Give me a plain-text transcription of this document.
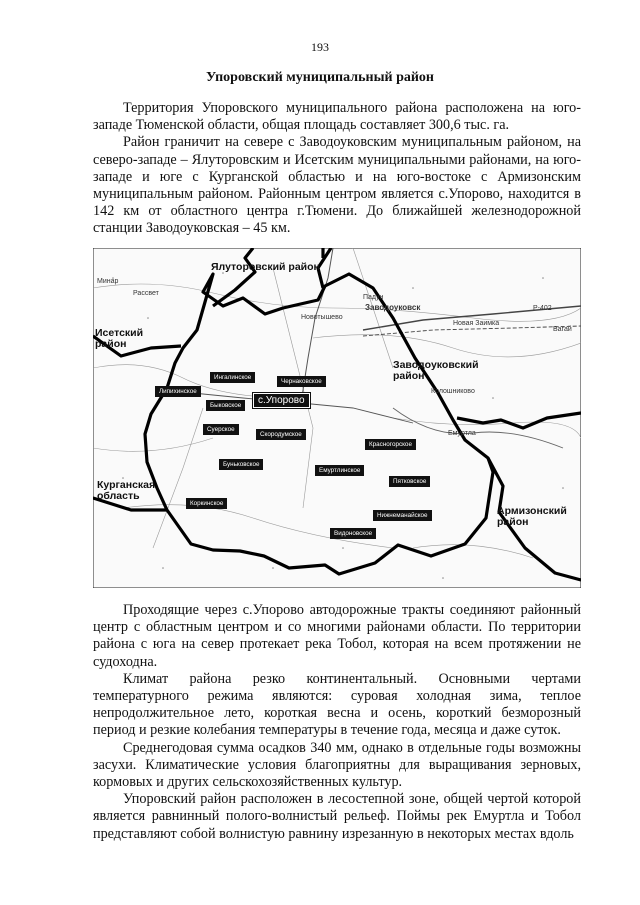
193
Упоровский муниципальный район

Территория Упоровского муниципального района расположена на юго-западе Тюменской области, общая площадь составляет 300,6 тыс. га.

Район граничит на севере с Заводоуковским муниципальным районом, на северо-западе – Ялуторовским и Исетским муниципальными районами, на юго-западе и юге с Курганской областью и на юго-востоке с Армизонским муниципальным районом. Районным центром является с.Упорово, находится в 142 км от областного центра г.Тюмени. До ближайшей железнодорожной станции Заводоуковская – 45 км.

Ялуторовский район
Исетский район
Заводоуковский район
Курганская область
Армизонский район
Заводоуковск
Падун
Новая Заимка
Новотышево
Колошниково
Рассвет
Минар
Емуртла
Р-402
Вагай
Ингалинское
Чернаковское
Липихинское
Быковское	с.Упорово
Суерское
Скородумское
Красногорское
Буньковское
Емуртлинское
Пятковское
Коркинское
Нижнеманайское
Видоновское

Проходящие через с.Упорово автодорожные тракты соединяют районный центр с областным центром и со многими районами области. По территории района с юга на север протекает река Тобол, которая на всем протяжении не судоходна.

Климат района резко континентальный. Основными чертами температурного режима являются: суровая холодная зима, теплое непродолжительное лето, короткая весна и осень, короткий безморозный период и резкие колебания температуры в течение года, месяца и даже суток.

Среднегодовая сумма осадков 340 мм, однако в отдельные годы возможны засухи. Климатические условия благоприятны для выращивания зерновых, кормовых и других сельскохозяйственных культур.

Упоровский район расположен в лесостепной зоне, общей чертой которой является равнинный полого-волнистый рельеф. Поймы рек Емуртла и Тобол представляют собой волнистую равнину изрезанную в некоторых местах вдоль
